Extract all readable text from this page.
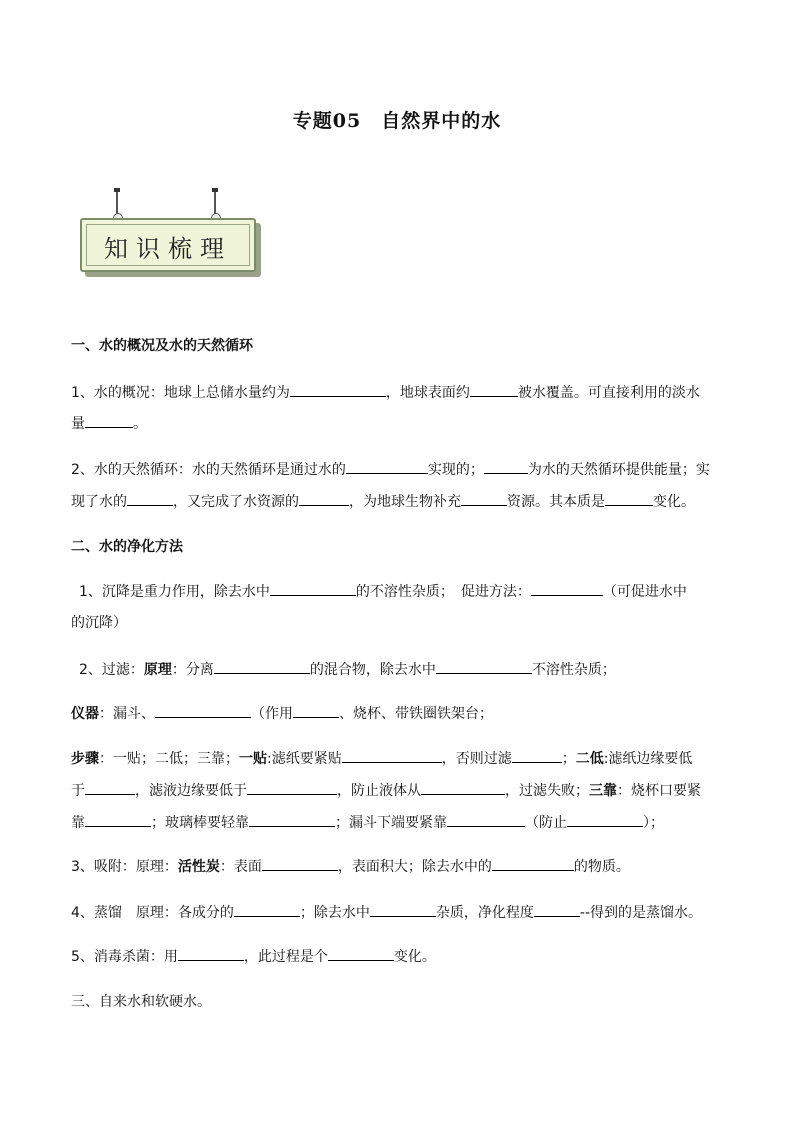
专题05　自然界中的水
知识梳理
一、水的概况及水的天然循环
1、水的概况：地球上总储水量约为	，地球表面约	被水覆盖。可直接利用的淡水
量	。
2、水的天然循环：水的天然循环是通过水的	实现的；	为水的天然循环提供能量；实
现了水的	，又完成了水资源的	，为地球生物补充	资源。其本质是	变化。
二、水的净化方法
1、沉降是重力作用，除去水中	的不溶性杂质；　促进方法：	（可促进水中
的沉降）
2、过滤：原理：分离	的混合物，除去水中	不溶性杂质；
仪器：漏斗、	（作用	、烧杯、带铁圈铁架台；
步骤：一贴；二低；三靠；一贴:滤纸要紧贴	，否则过滤	；二低:滤纸边缘要低
于	，滤液边缘要低于	，防止液体从	，过滤失败；三靠：烧杯口要紧
靠	；玻璃棒要轻靠	；漏斗下端要紧靠	（防止	）；
3、吸附：原理：活性炭：表面	，表面积大；除去水中的	的物质。
4、蒸馏　原理：各成分的	；除去水中	杂质，净化程度	--得到的是蒸馏水。
5、消毒杀菌：用	，此过程是个	变化。
三、自来水和软硬水。
